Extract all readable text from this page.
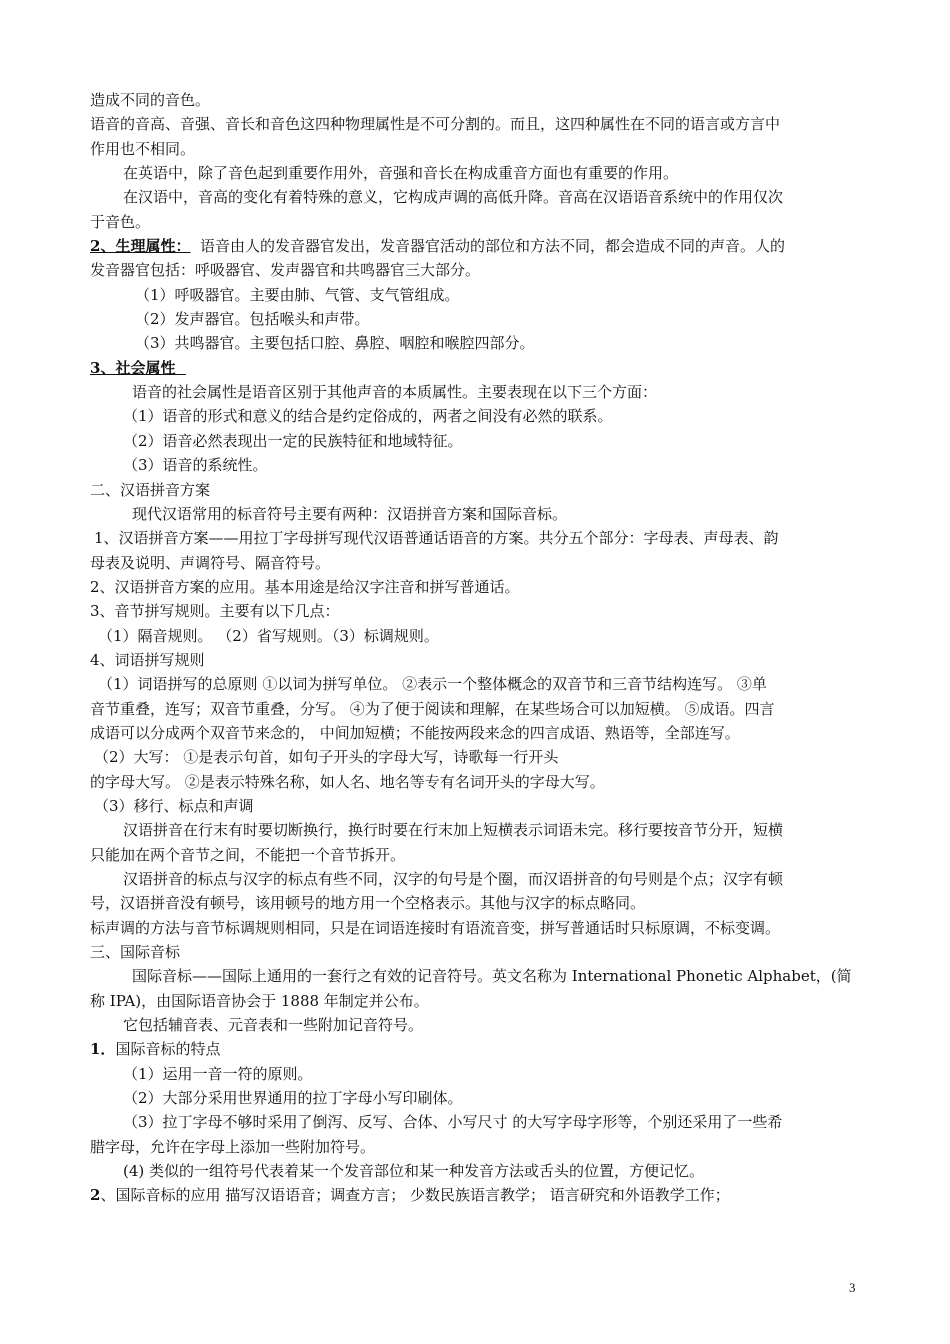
造成不同的音色。
语音的音高、音强、音长和音色这四种物理属性是不可分割的。而且，这四种属性在不同的语言或方言中
作用也不相同。
在英语中，除了音色起到重要作用外，音强和音长在构成重音方面也有重要的作用。
在汉语中，音高的变化有着特殊的意义，它构成声调的高低升降。音高在汉语语音系统中的作用仅次
于音色。
2、生理属性： 语音由人的发音器官发出，发音器官活动的部位和方法不同，都会造成不同的声音。人的
发音器官包括：呼吸器官、发声器官和共鸣器官三大部分。
（1）呼吸器官。主要由肺、气管、支气管组成。
（2）发声器官。包括喉头和声带。
（3）共鸣器官。主要包括口腔、鼻腔、咽腔和喉腔四部分。
3、社会属性
语音的社会属性是语音区别于其他声音的本质属性。主要表现在以下三个方面：
（1）语音的形式和意义的结合是约定俗成的，两者之间没有必然的联系。
（2）语音必然表现出一定的民族特征和地域特征。
（3）语音的系统性。
二、汉语拼音方案
现代汉语常用的标音符号主要有两种：汉语拼音方案和国际音标。
1、汉语拼音方案——用拉丁字母拼写现代汉语普通话语音的方案。共分五个部分：字母表、声母表、韵
母表及说明、声调符号、隔音符号。
2、汉语拼音方案的应用。基本用途是给汉字注音和拼写普通话。
3、音节拼写规则。主要有以下几点：
（1）隔音规则。 （2）省写规则。（3）标调规则。
4、词语拼写规则
（1）词语拼写的总原则 ①以词为拼写单位。 ②表示一个整体概念的双音节和三音节结构连写。 ③单
音节重叠，连写；双音节重叠，分写。 ④为了便于阅读和理解，在某些场合可以加短横。 ⑤成语。四言
成语可以分成两个双音节来念的， 中间加短横；不能按两段来念的四言成语、熟语等，全部连写。
（2）大写： ①是表示句首，如句子开头的字母大写，诗歌每一行开头
的字母大写。 ②是表示特殊名称，如人名、地名等专有名词开头的字母大写。
（3）移行、标点和声调
汉语拼音在行末有时要切断换行，换行时要在行末加上短横表示词语未完。移行要按音节分开，短横
只能加在两个音节之间，不能把一个音节拆开。
汉语拼音的标点与汉字的标点有些不同，汉字的句号是个圈，而汉语拼音的句号则是个点；汉字有顿
号，汉语拼音没有顿号，该用顿号的地方用一个空格表示。其他与汉字的标点略同。
标声调的方法与音节标调规则相同，只是在词语连接时有语流音变，拼写普通话时只标原调，不标变调。
三、国际音标
国际音标——国际上通用的一套行之有效的记音符号。英文名称为 International Phonetic Alphabet，(简
称 IPA)，由国际语音协会于 1888 年制定并公布。
它包括辅音表、元音表和一些附加记音符号。
1．国际音标的特点
（1）运用一音一符的原则。
（2）大部分采用世界通用的拉丁字母小写印刷体。
（3）拉丁字母不够时采用了倒泻、反写、合体、小写尺寸 的大写字母字形等，个别还采用了一些希
腊字母，允许在字母上添加一些附加符号。
(4) 类似的一组符号代表着某一个发音部位和某一种发音方法或舌头的位置，方便记忆。
2、国际音标的应用 描写汉语语音；调查方言； 少数民族语言教学； 语言研究和外语教学工作；
3
